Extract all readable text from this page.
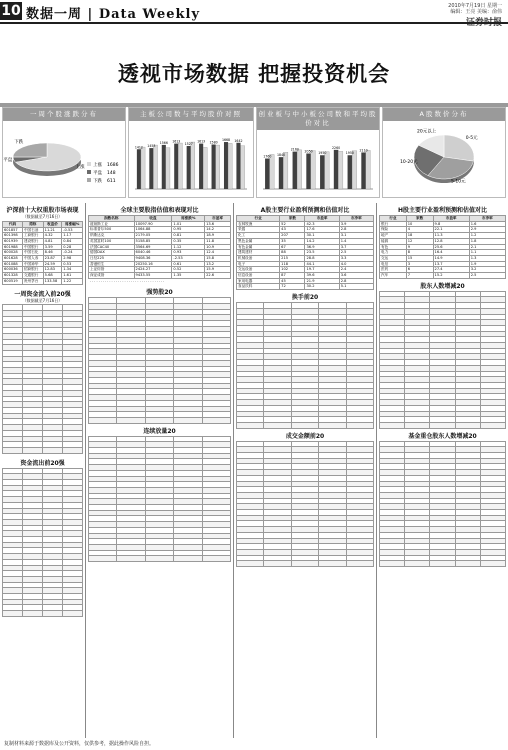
10 数据一周 | Data Weekly
2010年7月19日 星期一
编辑：王亮 美编：俞伟
透视市场数据 把握投资机会
一周个股涨跌分布
上涨
平盘
下跌
上涨 1686
平盘 148
下跌 611
主板公司数与平均股价对照
1412 1453
1566 1613
1527
1613 1580
1668 1642
创业板与中小板公司数和平均股价对比
1760 1840
2160 2050 1950
2260
1950
2110
A股数价分布
0-5元
5-10元
10-20元
20元以上
沪深前十大权重股市场表现
（数据截至7月16日）
代码	简称	收盘价	周涨幅%
601857	中国石油	11.21	-0.53
601398	工商银行	4.32	1.17
601939	建设银行	4.81	0.84
601988	中国银行	3.59	0.28
600028	中国石化	8.46	-0.24
601628	中国人寿	23.87	2.98
601088	中国神华	24.59	0.53
600036	招商银行	12.83	1.34
601328	交通银行	5.68	1.61
600519	贵州茅台	133.58	1.22
一周资金流入前20强
（数据截至7月16日）

资金流出前20强

全球主要股指估值和表现对比
指数名称	收盘	周涨跌%	市盈率
道琼斯工业	10097.90	1.01	13.6
标准普尔500	1064.88	0.95	14.2
纳斯达克	2179.05	0.81	18.9
英国富时100	5158.85	0.35	11.8
法国CAC40	3564.69	1.12	10.9
德国DAX	6040.46	0.93	12.4
日经225	9408.36	-2.53	15.8
香港恒生	20250.16	0.61	13.2
上证综指	2424.27	0.52	15.9
深证成指	9433.55	1.35	22.6
· · · · · · · · · · · · · · · · · · · · · · · · · · · · · · · · · · ·
强势股20

连续放量20

A股主要行业盈利预测和估值对比
行业	家数	市盈率	市净率
农林牧渔	52	42.3	3.9
采掘	43	17.6	2.8
化工	207	30.1	3.1
黑色金属	35	14.2	1.4
有色金属	67	36.9	3.7
建筑建材	88	23.5	2.5
机械设备	215	28.8	3.3
电子	118	44.1	4.0
交运设备	102	19.7	2.4
信息设备	87	39.6	3.6
家用电器	45	21.9	2.8
食品饮料	72	30.2	5.1
换手前20

成交金额前20

H股主要行业盈利预测和估值对比
行业	家数	市盈率	市净率
银行	10	9.8	1.6
保险	4	22.1	2.9
地产	18	11.3	1.2
能源	12	12.8	1.8
有色	9	25.6	2.1
电力	8	16.4	1.1
交运	15	14.9	1.3
电信	3	13.7	1.9
医药	6	27.4	3.2
汽车	7	15.2	2.5
股东人数增减20

基金重仓股东人数增减20

复制材料来源于数据库及公开资料，仅供参考，据此操作风险自担。
